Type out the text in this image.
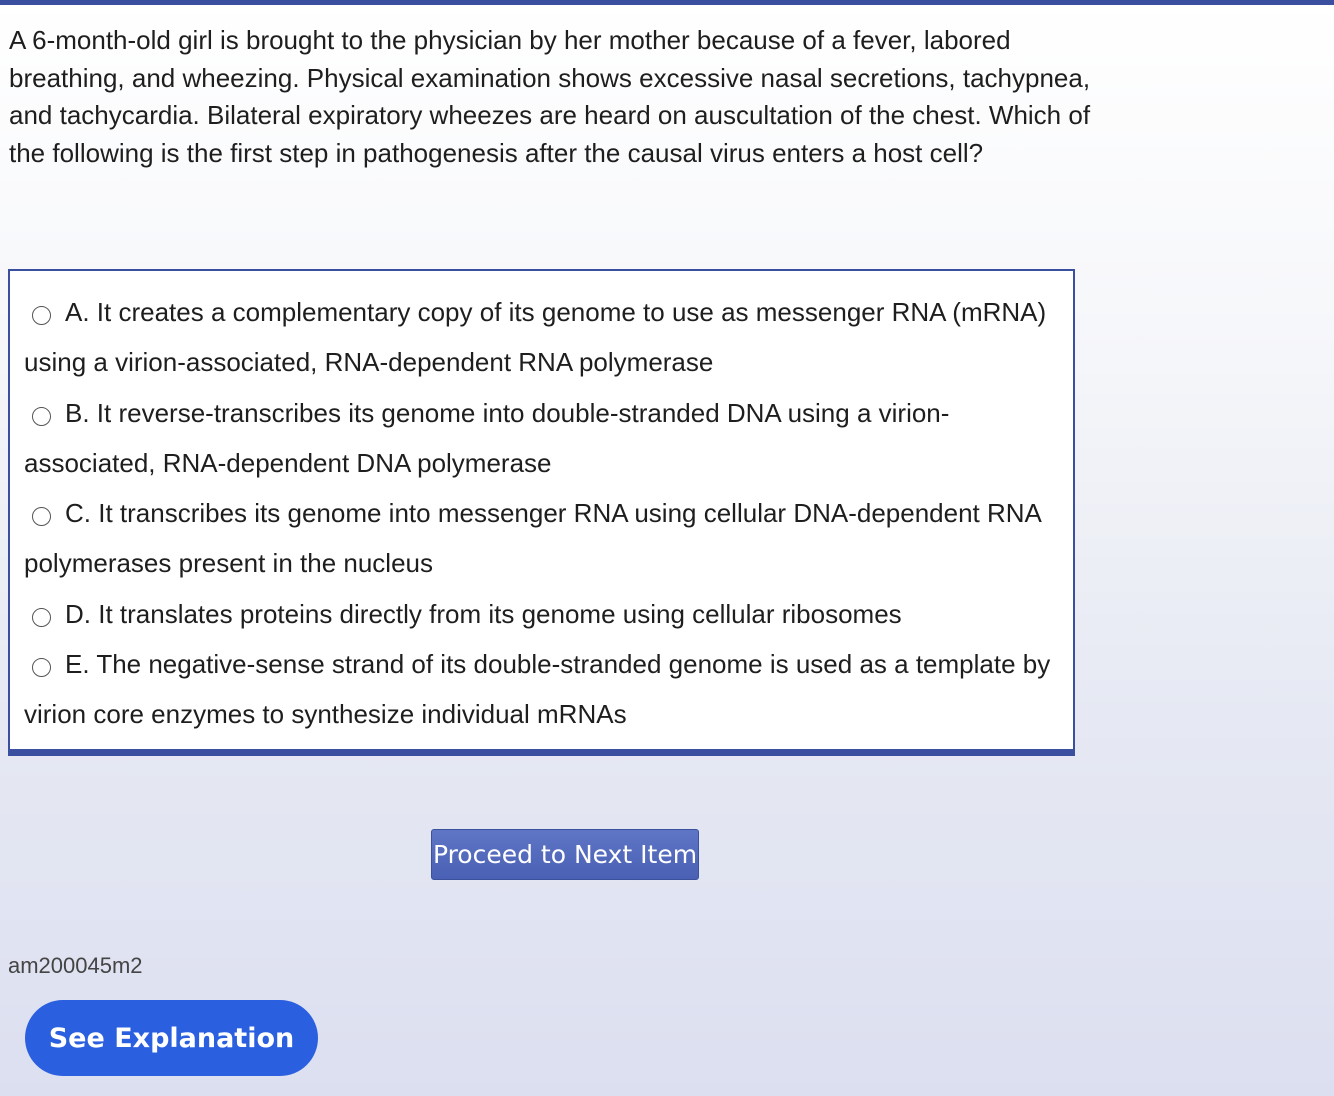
A 6-month-old girl is brought to the physician by her mother because of a fever, labored breathing, and wheezing. Physical examination shows excessive nasal secretions, tachypnea, and tachycardia. Bilateral expiratory wheezes are heard on auscultation of the chest. Which of the following is the first step in pathogenesis after the causal virus enters a host cell?

A. It creates a complementary copy of its genome to use as messenger RNA (mRNA) using a virion-associated, RNA-dependent RNA polymerase
B. It reverse-transcribes its genome into double-stranded DNA using a virion-associated, RNA-dependent DNA polymerase
C. It transcribes its genome into messenger RNA using cellular DNA-dependent RNA polymerases present in the nucleus
D. It translates proteins directly from its genome using cellular ribosomes
E. The negative-sense strand of its double-stranded genome is used as a template by virion core enzymes to synthesize individual mRNAs
Proceed to Next Item
am200045m2
See Explanation
